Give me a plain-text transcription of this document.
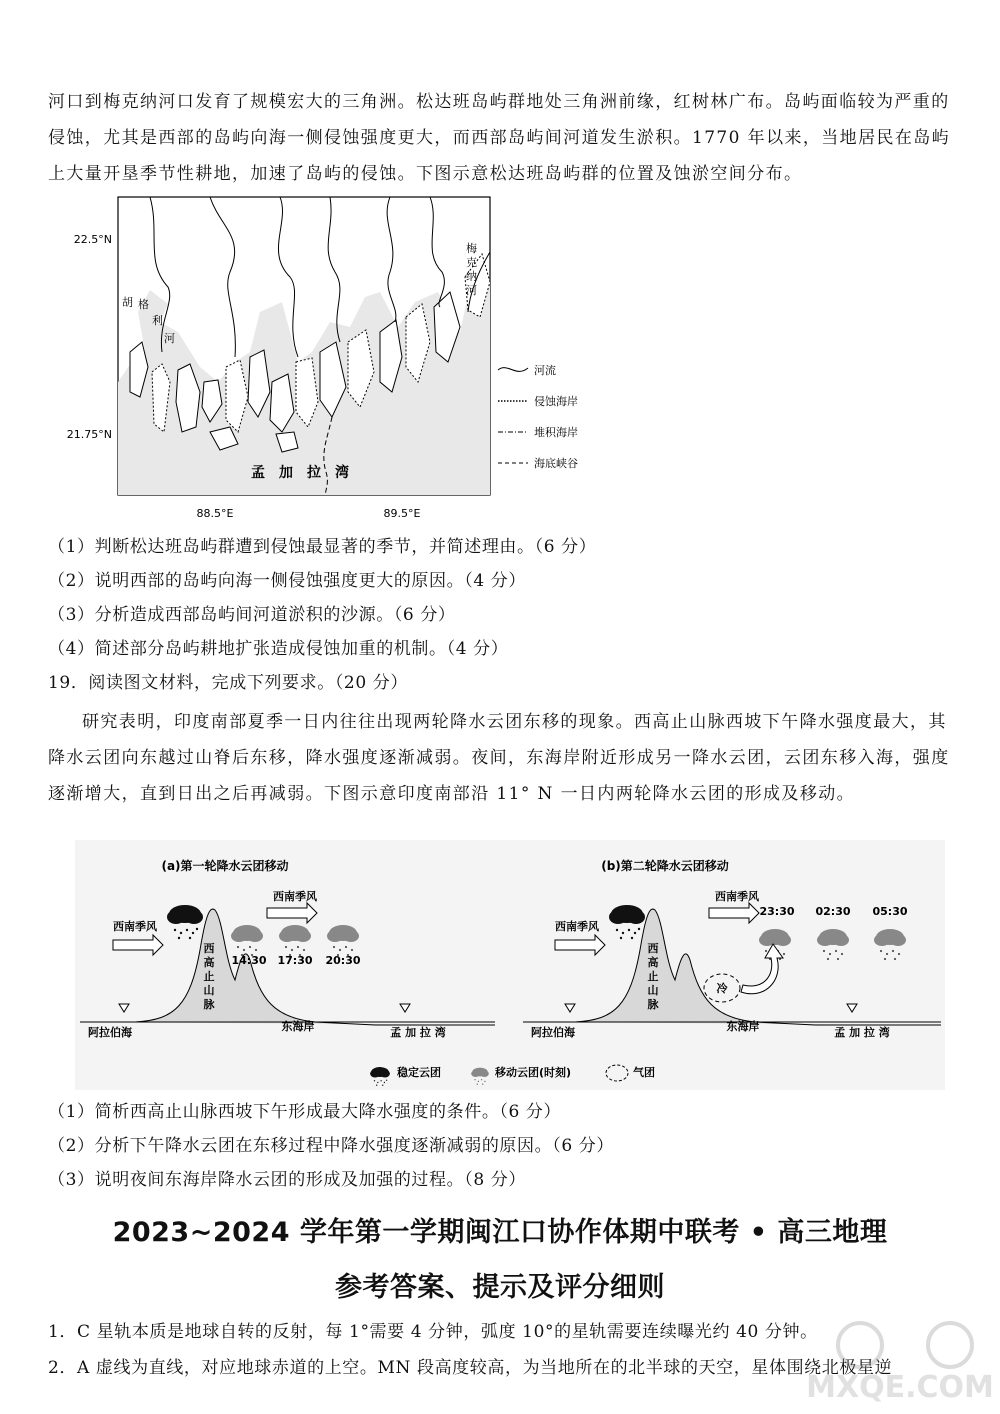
河口到梅克纳河口发育了规模宏大的三角洲。松达班岛屿群地处三角洲前缘，红树林广布。岛屿面临较为严重的侵蚀，尤其是西部的岛屿向海一侧侵蚀强度更大，而西部岛屿间河道发生淤积。1770 年以来，当地居民在岛屿上大量开垦季节性耕地，加速了岛屿的侵蚀。下图示意松达班岛屿群的位置及蚀淤空间分布。

22.5°N
21.75°N
88.5°E	89.5°E
胡 格
利
河
梅
克
纳
河
孟　加　拉　湾
河流
侵蚀海岸
堆积海岸
海底峡谷

（1）判断松达班岛屿群遭到侵蚀最显著的季节，并简述理由。（6 分）

（2）说明西部的岛屿向海一侧侵蚀强度更大的原因。（4 分）

（3）分析造成西部岛屿间河道淤积的沙源。（6 分）

（4）简述部分岛屿耕地扩张造成侵蚀加重的机制。（4 分）

19．阅读图文材料，完成下列要求。（20 分）

研究表明，印度南部夏季一日内往往出现两轮降水云团东移的现象。西高止山脉西坡下午降水强度最大，其降水云团向东越过山脊后东移，降水强度逐渐减弱。夜间，东海岸附近形成另一降水云团，云团东移入海，强度逐渐增大，直到日出之后再减弱。下图示意印度南部沿 11° N 一日内两轮降水云团的形成及移动。

(a)第一轮降水云团移动
14:30 17:30 20:30
西南季风
西南季风
西
高
止
山
脉
阿拉伯海	东海岸	孟 加 拉 湾
(b)第二轮降水云团移动
23:30 02:30 05:30
西南季风
西南季风
西
高
止
山
脉
冷
阿拉伯海	东海岸	孟 加 拉 湾
稳定云团	移动云团(时刻)	气团

（1）简析西高止山脉西坡下午形成最大降水强度的条件。（6 分）

（2）分析下午降水云团在东移过程中降水强度逐渐减弱的原因。（6 分）

（3）说明夜间东海岸降水云团的形成及加强的过程。（8 分）

2023~2024 学年第一学期闽江口协作体期中联考 • 高三地理
参考答案、提示及评分细则

1．C 星轨本质是地球自转的反射，每 1°需要 4 分钟，弧度 10°的星轨需要连续曝光约 40 分钟。

2．A 虚线为直线，对应地球赤道的上空。MN 段高度较高，为当地所在的北半球的天空，星体围绕北极星逆

MXQE.COM
